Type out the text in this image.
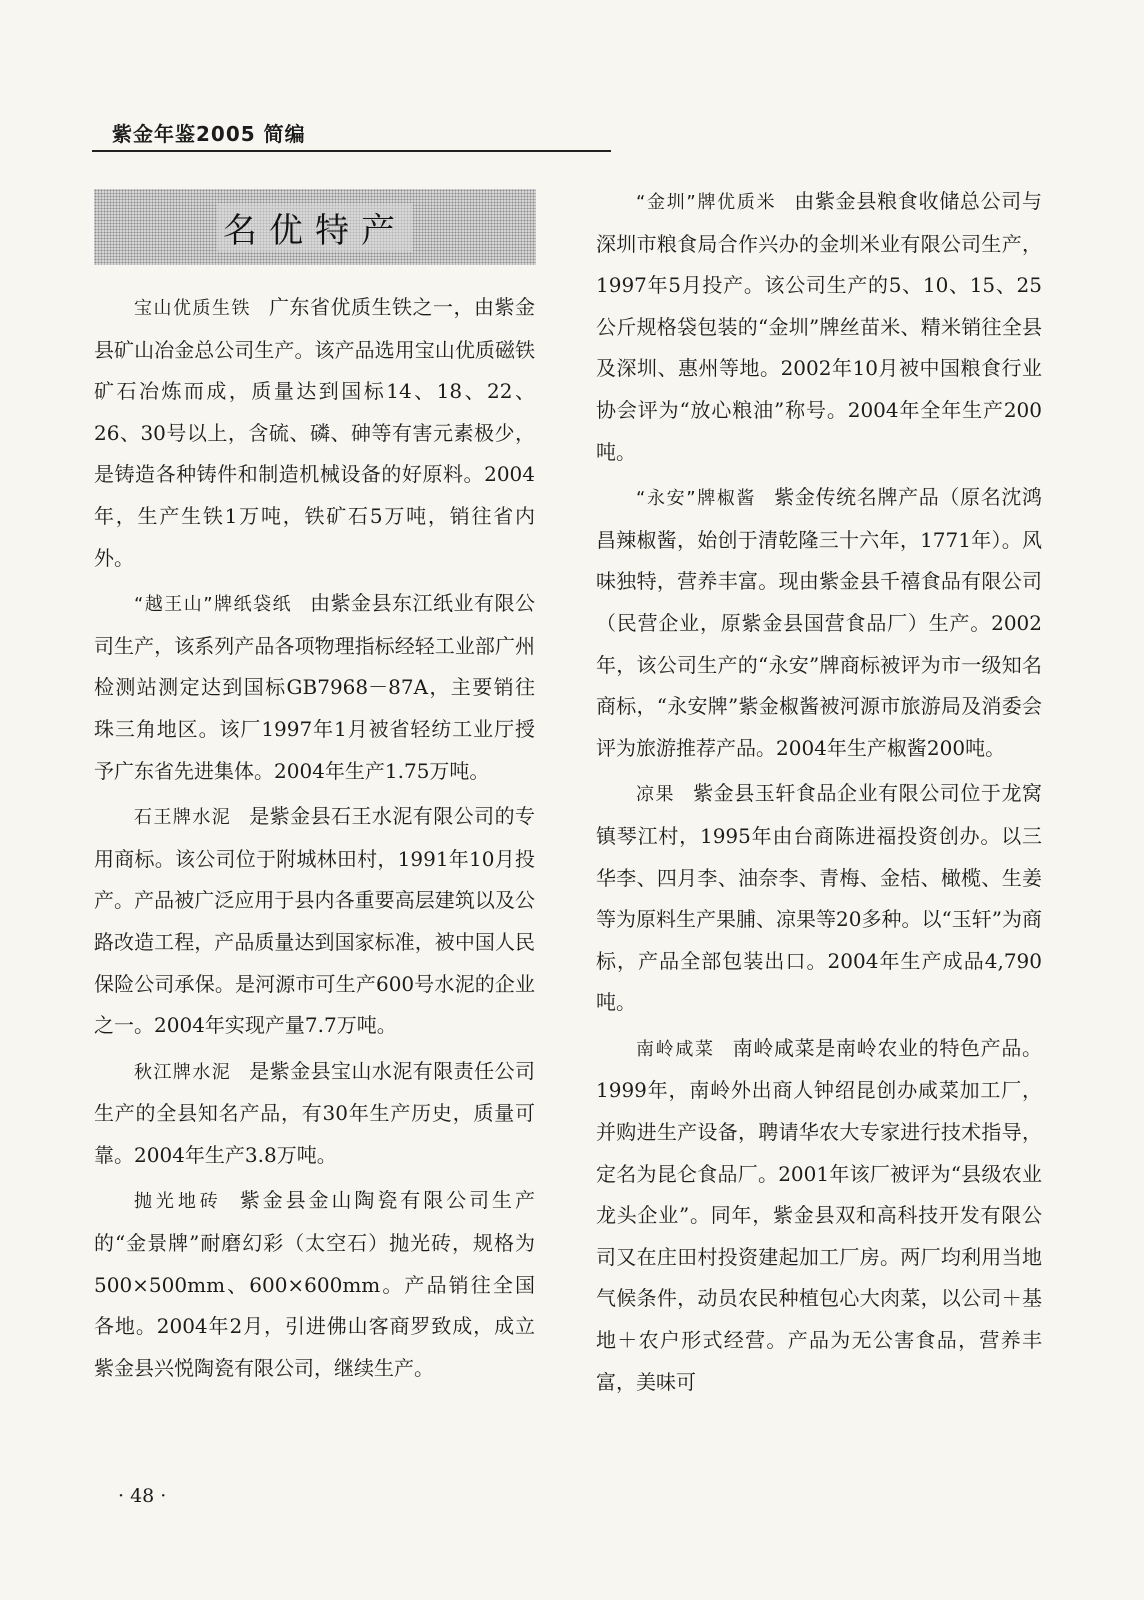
紫金年鉴2005 简编
名优特产

宝山优质生铁 广东省优质生铁之一，由紫金县矿山冶金总公司生产。该产品选用宝山优质磁铁矿石冶炼而成，质量达到国标14、18、22、26、30号以上，含硫、磷、砷等有害元素极少，是铸造各种铸件和制造机械设备的好原料。2004年，生产生铁1万吨，铁矿石5万吨，销往省内外。

“越王山”牌纸袋纸 由紫金县东江纸业有限公司生产，该系列产品各项物理指标经轻工业部广州检测站测定达到国标GB7968－87A，主要销往珠三角地区。该厂1997年1月被省轻纺工业厅授予广东省先进集体。2004年生产1.75万吨。

石王牌水泥 是紫金县石王水泥有限公司的专用商标。该公司位于附城林田村，1991年10月投产。产品被广泛应用于县内各重要高层建筑以及公路改造工程，产品质量达到国家标准，被中国人民保险公司承保。是河源市可生产600号水泥的企业之一。2004年实现产量7.7万吨。

秋江牌水泥 是紫金县宝山水泥有限责任公司生产的全县知名产品，有30年生产历史，质量可靠。2004年生产3.8万吨。

抛光地砖 紫金县金山陶瓷有限公司生产的“金景牌”耐磨幻彩（太空石）抛光砖，规格为500×500mm、600×600mm。产品销往全国各地。2004年2月，引进佛山客商罗致成，成立紫金县兴悦陶瓷有限公司，继续生产。

“金圳”牌优质米 由紫金县粮食收储总公司与深圳市粮食局合作兴办的金圳米业有限公司生产，1997年5月投产。该公司生产的5、10、15、25公斤规格袋包装的“金圳”牌丝苗米、精米销往全县及深圳、惠州等地。2002年10月被中国粮食行业协会评为“放心粮油”称号。2004年全年生产200吨。

“永安”牌椒酱 紫金传统名牌产品（原名沈鸿昌辣椒酱，始创于清乾隆三十六年，1771年）。风味独特，营养丰富。现由紫金县千禧食品有限公司（民营企业，原紫金县国营食品厂）生产。2002年，该公司生产的“永安”牌商标被评为市一级知名商标，“永安牌”紫金椒酱被河源市旅游局及消委会评为旅游推荐产品。2004年生产椒酱200吨。

凉果 紫金县玉轩食品企业有限公司位于龙窝镇琴江村，1995年由台商陈进福投资创办。以三华李、四月李、油奈李、青梅、金桔、橄榄、生姜等为原料生产果脯、凉果等20多种。以“玉轩”为商标，产品全部包装出口。2004年生产成品4,790吨。

南岭咸菜 南岭咸菜是南岭农业的特色产品。1999年，南岭外出商人钟绍昆创办咸菜加工厂，并购进生产设备，聘请华农大专家进行技术指导，定名为昆仑食品厂。2001年该厂被评为“县级农业龙头企业”。同年，紫金县双和高科技开发有限公司又在庄田村投资建起加工厂房。两厂均利用当地气候条件，动员农民种植包心大肉菜，以公司＋基地＋农户形式经营。产品为无公害食品，营养丰富，美味可

· 48 ·
